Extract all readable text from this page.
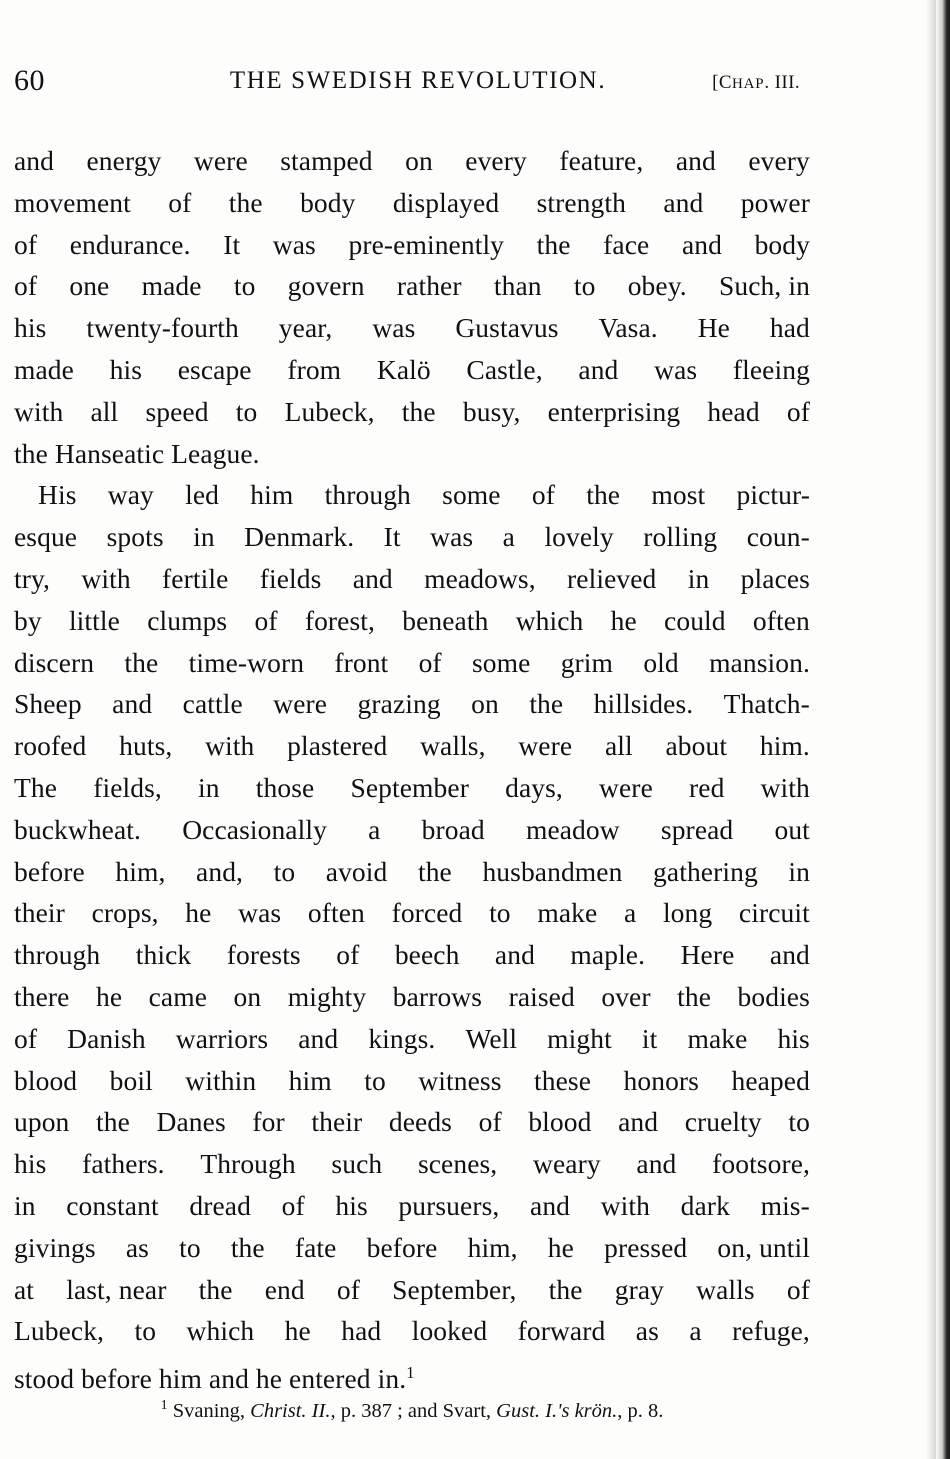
60	THE SWEDISH REVOLUTION.	[CHAP. III.
and energy were stamped on every feature, and every
movement of the body displayed strength and power
of endurance. It was pre-eminently the face and body
of one made to govern rather than to obey. Such, in
his twenty-fourth year, was Gustavus Vasa. He had
made his escape from Kalö Castle, and was fleeing
with all speed to Lubeck, the busy, enterprising head of
the Hanseatic League.
His way led him through some of the most pictur-
esque spots in Denmark. It was a lovely rolling coun-
try, with fertile fields and meadows, relieved in places
by little clumps of forest, beneath which he could often
discern the time-worn front of some grim old mansion.
Sheep and cattle were grazing on the hillsides. Thatch-
roofed huts, with plastered walls, were all about him.
The fields, in those September days, were red with
buckwheat. Occasionally a broad meadow spread out
before him, and, to avoid the husbandmen gathering in
their crops, he was often forced to make a long circuit
through thick forests of beech and maple. Here and
there he came on mighty barrows raised over the bodies
of Danish warriors and kings. Well might it make his
blood boil within him to witness these honors heaped
upon the Danes for their deeds of blood and cruelty to
his fathers. Through such scenes, weary and footsore,
in constant dread of his pursuers, and with dark mis-
givings as to the fate before him, he pressed on, until
at last, near the end of September, the gray walls of
Lubeck, to which he had looked forward as a refuge,
stood before him and he entered in.$^1$
$^1$ Svaning, Christ. II., p. 387 ; and Svart, Gust. I.'s krön., p. 8.
